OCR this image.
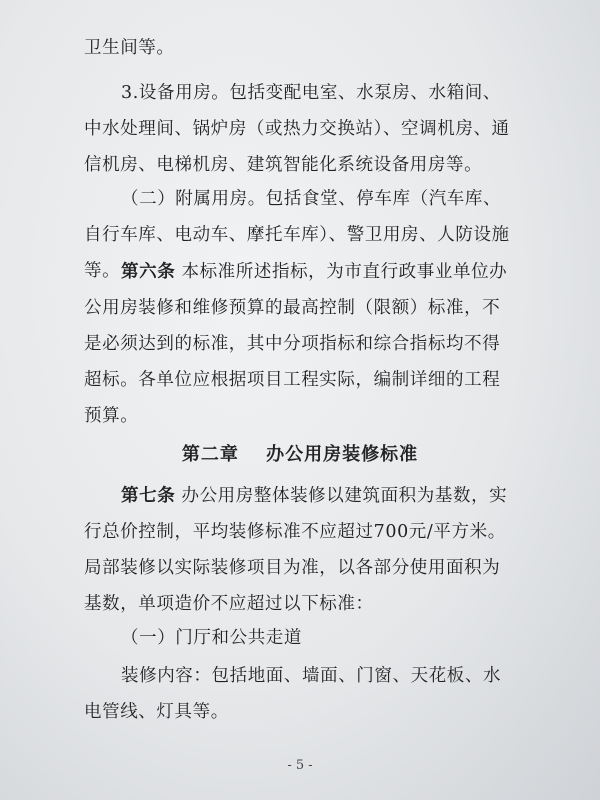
卫生间等。
3.设备用房。包括变配电室、水泵房、水箱间、中水处理间、锅炉房（或热力交换站）、空调机房、通信机房、电梯机房、建筑智能化系统设备用房等。
（二）附属用房。包括食堂、停车库（汽车库、自行车库、电动车、摩托车库）、警卫用房、人防设施等。 第六条 本标准所述指标，为市直行政事业单位办公用房装修和维修预算的最高控制（限额）标准，不是必须达到的标准，其中分项指标和综合指标均不得超标。各单位应根据项目工程实际，编制详细的工程预算。
第二章 办公用房装修标准
第七条 办公用房整体装修以建筑面积为基数，实行总价控制，平均装修标准不应超过700元/平方米。局部装修以实际装修项目为准，以各部分使用面积为基数，单项造价不应超过以下标准：
（一）门厅和公共走道
装修内容：包括地面、墙面、门窗、天花板、水电管线、灯具等。
- 5 -
